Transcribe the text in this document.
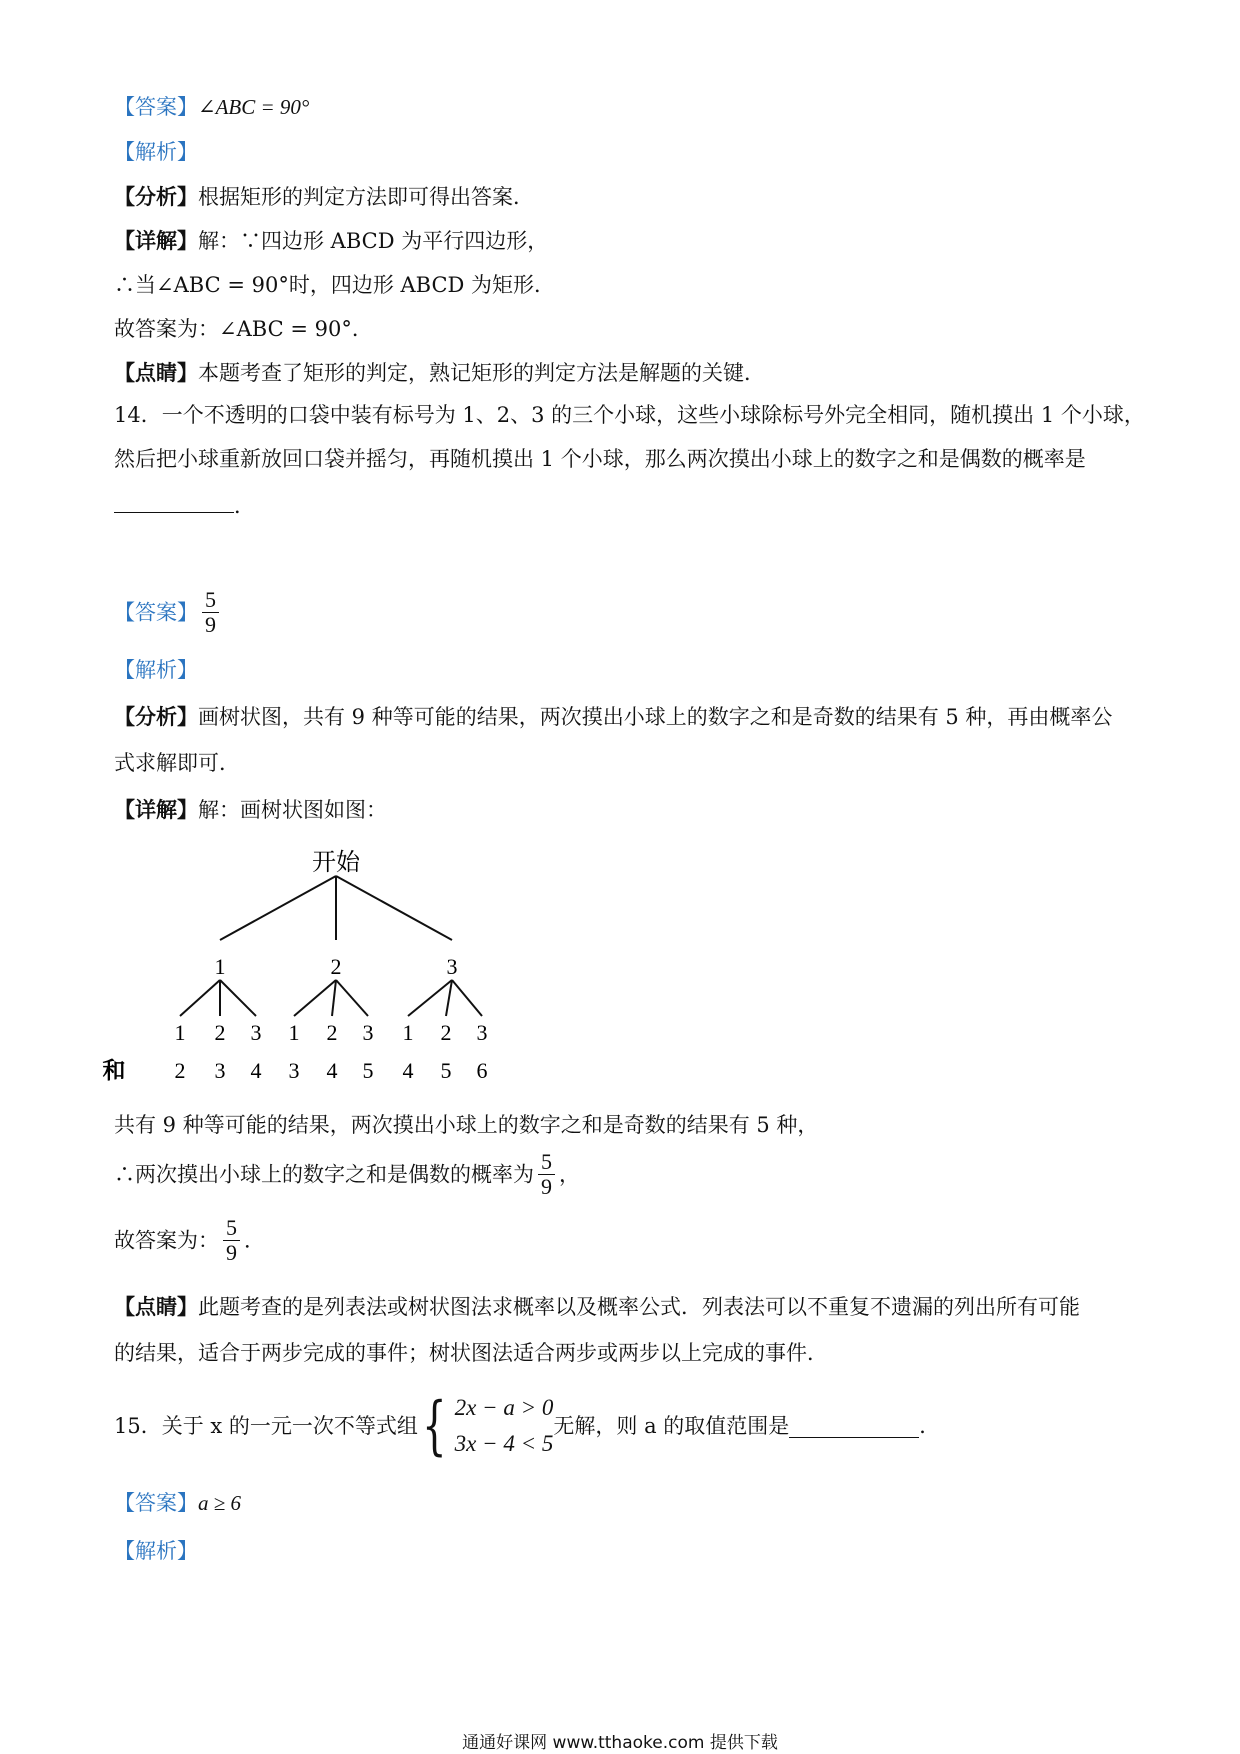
【答案】∠ABC = 90°
【解析】
【分析】根据矩形的判定方法即可得出答案．
【详解】解：∵四边形 ABCD 为平行四边形，
∴当∠ABC = 90°时，四边形 ABCD 为矩形．
故答案为：∠ABC = 90°．
【点睛】本题考查了矩形的判定，熟记矩形的判定方法是解题的关键．
14．一个不透明的口袋中装有标号为 1、2、3 的三个小球，这些小球除标号外完全相同，随机摸出 1 个小球，
然后把小球重新放回口袋并摇匀，再随机摸出 1 个小球，那么两次摸出小球上的数字之和是偶数的概率是
．
【答案】 $\frac{5}{9}$
【解析】
【分析】画树状图，共有 9 种等可能的结果，两次摸出小球上的数字之和是奇数的结果有 5 种，再由概率公
式求解即可．
【详解】解：画树状图如图：
开始
1	2	3
1 2 3 1 2 3 1 2 3
和 2 3 4 3 4 5 4 5 6
共有 9 种等可能的结果，两次摸出小球上的数字之和是奇数的结果有 5 种，
∴两次摸出小球上的数字之和是偶数的概率为 $\frac{5}{9}$ ，
故答案为： $\frac{5}{9}$ ．
【点睛】此题考查的是列表法或树状图法求概率以及概率公式．列表法可以不重复不遗漏的列出所有可能
的结果，适合于两步完成的事件；树状图法适合两步或两步以上完成的事件．
15．关于 x 的一元一次不等式组{ 2x − a > 0
3x − 4 < 5
无解，则 a 的取值范围是	．
【答案】a ≥ 6
【解析】
通通好课网 www.tthaoke.com 提供下载
